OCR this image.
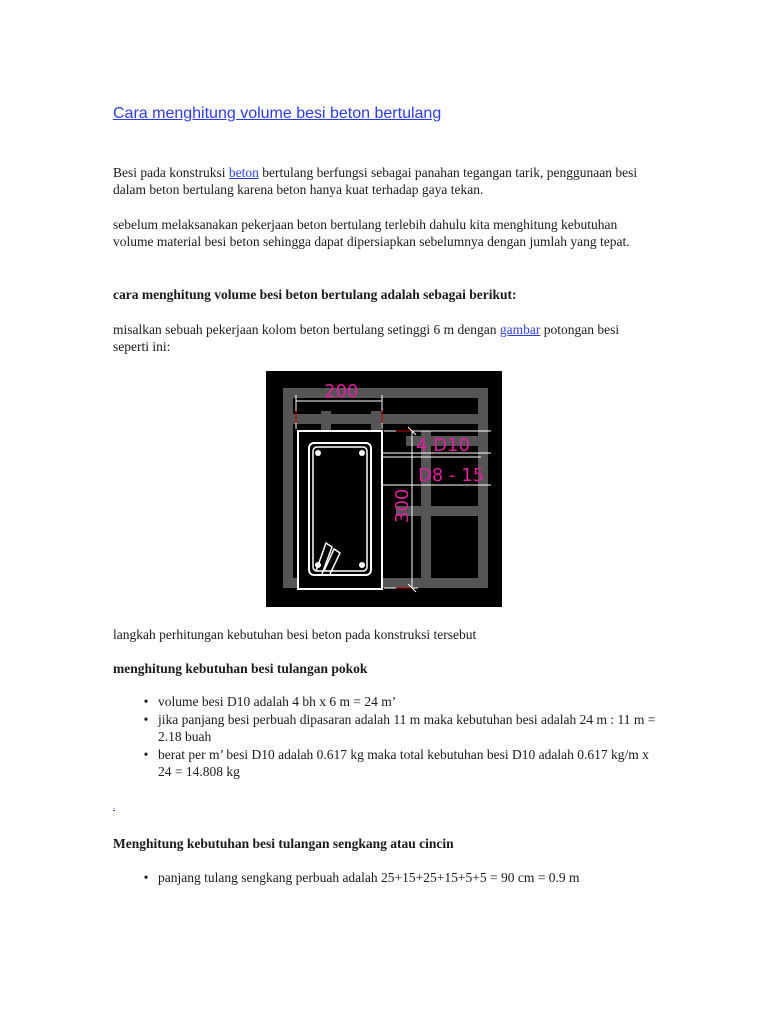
Cara menghitung volume besi beton bertulang

Besi pada konstruksi beton bertulang berfungsi sebagai panahan tegangan tarik, penggunaan besi dalam beton bertulang karena beton hanya kuat terhadap gaya tekan.

sebelum melaksanakan pekerjaan beton bertulang terlebih dahulu kita menghitung kebutuhan volume material besi beton sehingga dapat dipersiapkan sebelumnya dengan jumlah yang tepat.

cara menghitung volume besi beton bertulang adalah sebagai berikut:

misalkan sebuah pekerjaan kolom beton bertulang setinggi 6 m dengan gambar potongan besi seperti ini:

200
300
4 D10
D8 - 15

langkah perhitungan kebutuhan besi beton pada konstruksi tersebut

menghitung kebutuhan besi tulangan pokok

• volume besi D10 adalah 4 bh x 6 m = 24 m’
• jika panjang besi perbuah dipasaran adalah 11 m maka kebutuhan besi adalah 24 m : 11 m = 2.18 buah
• berat per m’ besi D10 adalah 0.617 kg maka total kebutuhan besi D10 adalah 0.617 kg/m x 24 = 14.808 kg
.

Menghitung kebutuhan besi tulangan sengkang atau cincin

• panjang tulang sengkang perbuah adalah 25+15+25+15+5+5 = 90 cm = 0.9 m
